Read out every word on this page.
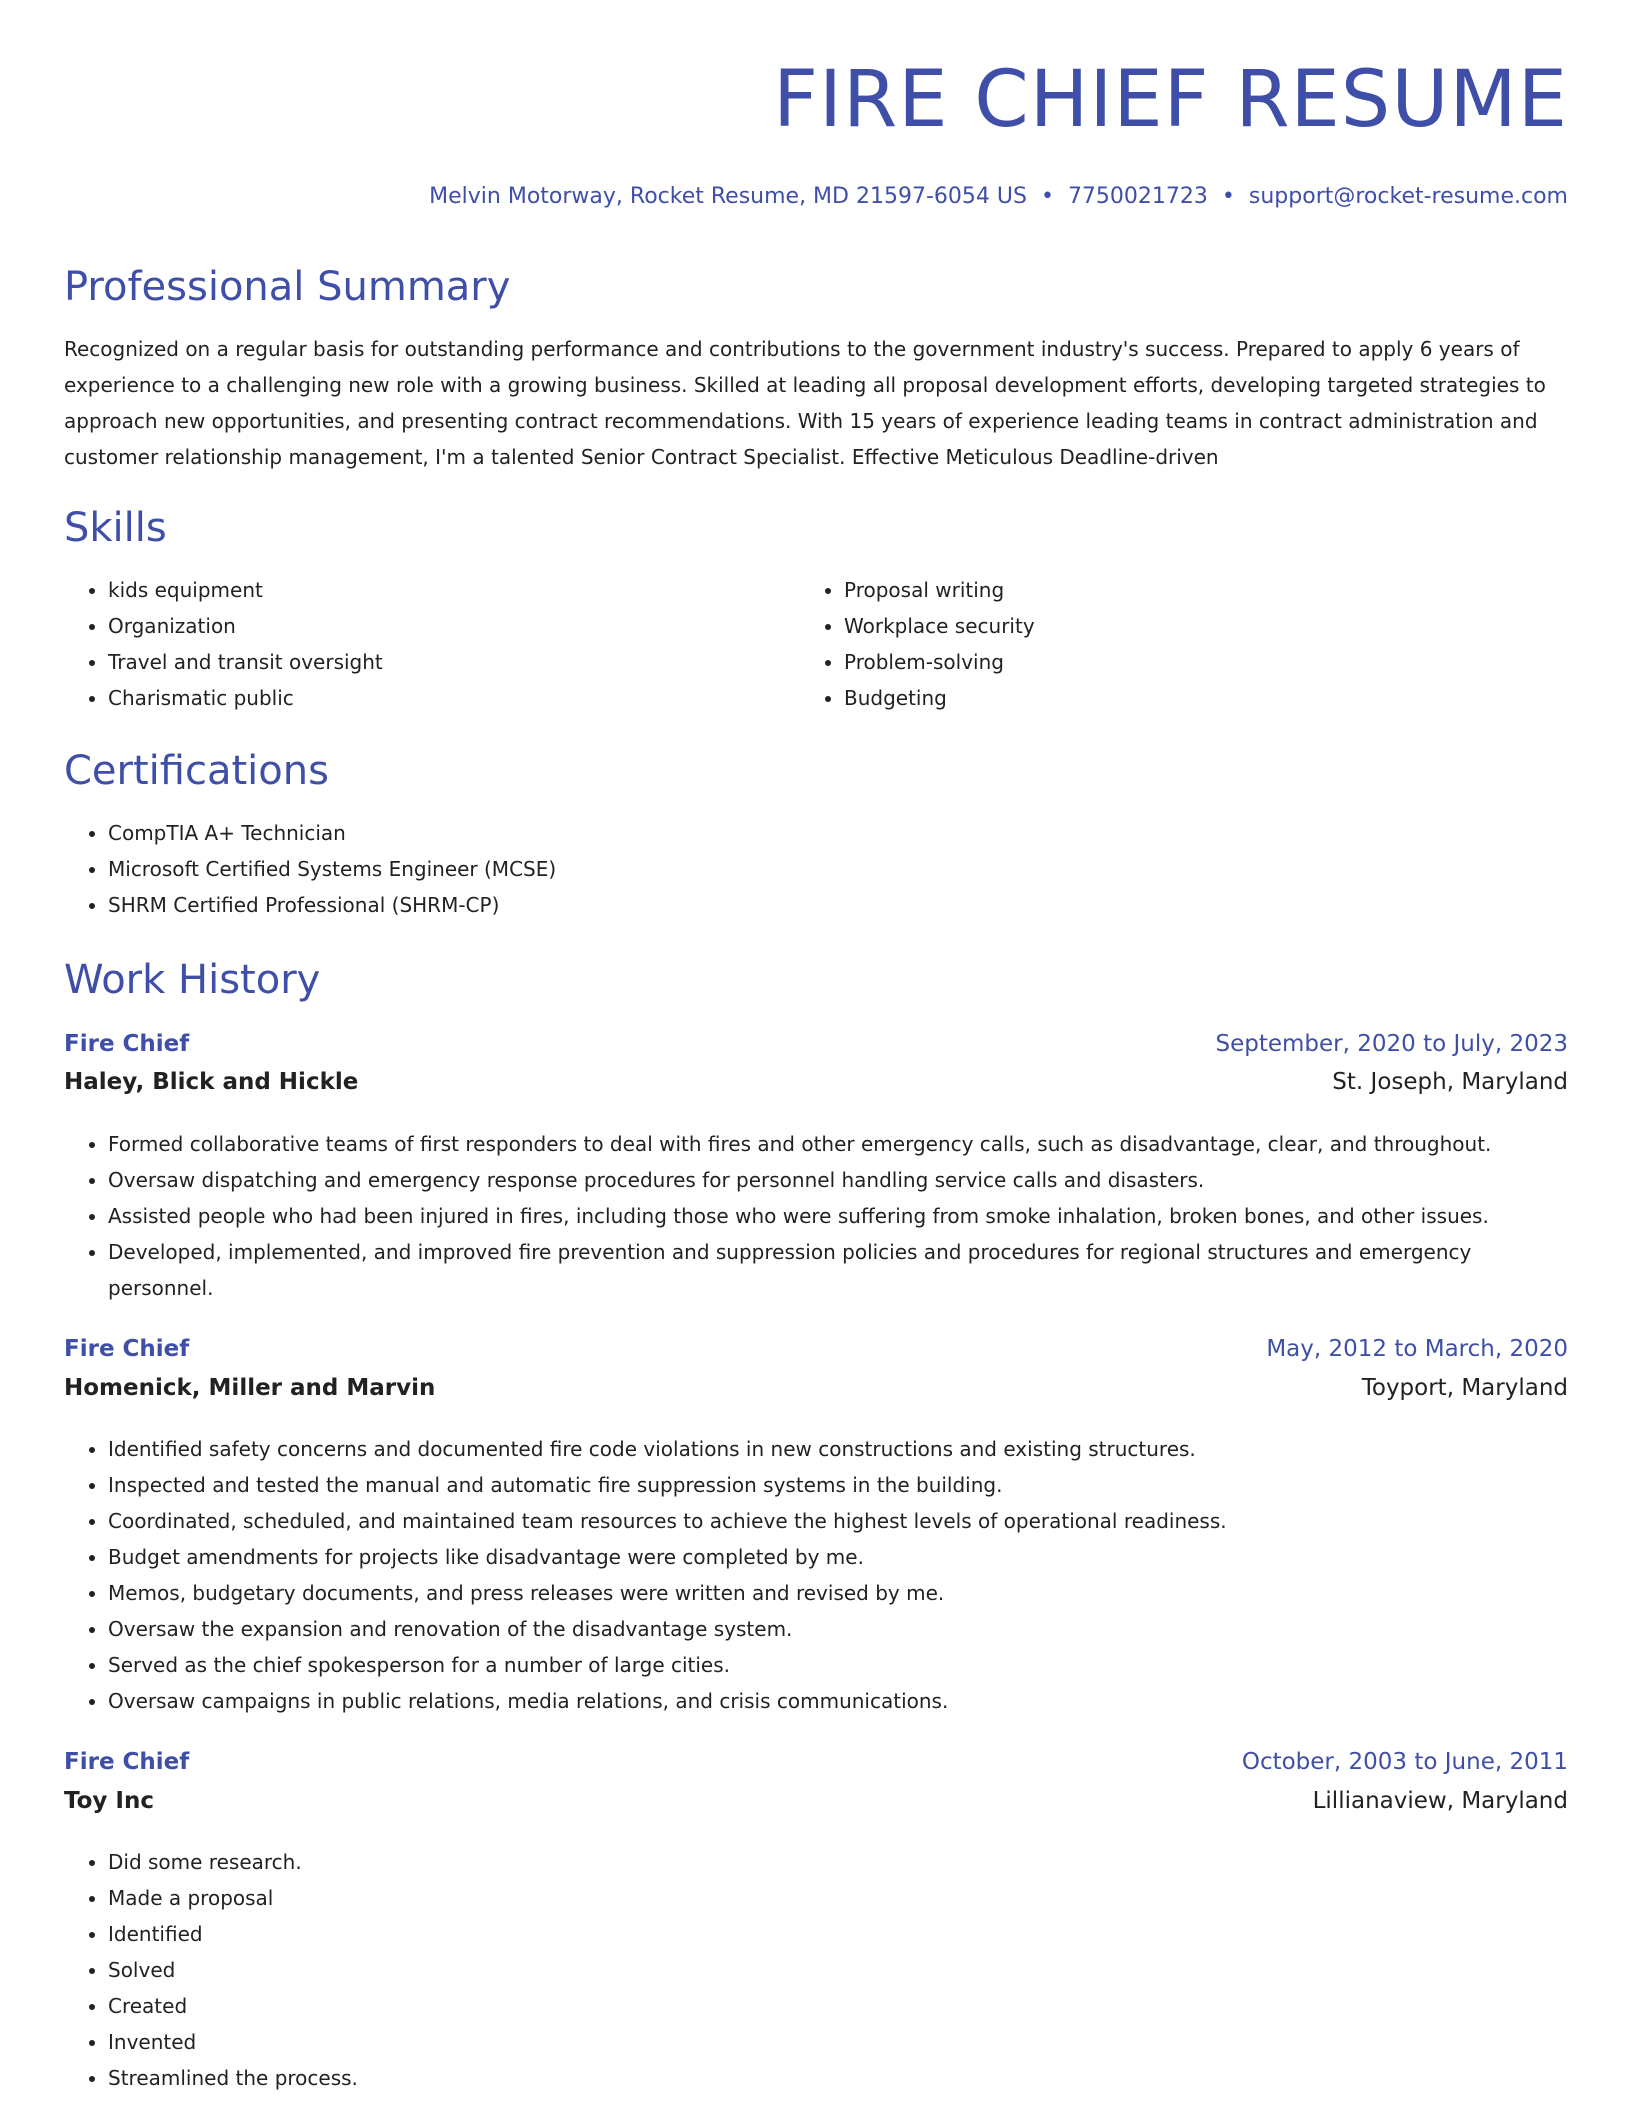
FIRE CHIEF RESUME
Melvin Motorway, Rocket Resume, MD 21597-6054 US • 7750021723 • support@rocket-resume.com
Professional Summary

Recognized on a regular basis for outstanding performance and contributions to the government industry's success. Prepared to apply 6 years of experience to a challenging new role with a growing business. Skilled at leading all proposal development efforts, developing targeted strategies to approach new opportunities, and presenting contract recommendations. With 15 years of experience leading teams in contract administration and customer relationship management, I'm a talented Senior Contract Specialist. Effective Meticulous Deadline-driven

Skills
• kids equipment
• Organization
• Travel and transit oversight
• Charismatic public
• Proposal writing
• Workplace security
• Problem-solving
• Budgeting
Certifications
• CompTIA A+ Technician
• Microsoft Certified Systems Engineer (MCSE)
• SHRM Certified Professional (SHRM-CP)
Work History
Fire Chief	September, 2020 to July, 2023
Haley, Blick and Hickle	St. Joseph, Maryland
• Formed collaborative teams of first responders to deal with fires and other emergency calls, such as disadvantage, clear, and throughout.
• Oversaw dispatching and emergency response procedures for personnel handling service calls and disasters.
• Assisted people who had been injured in fires, including those who were suffering from smoke inhalation, broken bones, and other issues.
• Developed, implemented, and improved fire prevention and suppression policies and procedures for regional structures and emergency personnel.
Fire Chief	May, 2012 to March, 2020
Homenick, Miller and Marvin	Toyport, Maryland
• Identified safety concerns and documented fire code violations in new constructions and existing structures.
• Inspected and tested the manual and automatic fire suppression systems in the building.
• Coordinated, scheduled, and maintained team resources to achieve the highest levels of operational readiness.
• Budget amendments for projects like disadvantage were completed by me.
• Memos, budgetary documents, and press releases were written and revised by me.
• Oversaw the expansion and renovation of the disadvantage system.
• Served as the chief spokesperson for a number of large cities.
• Oversaw campaigns in public relations, media relations, and crisis communications.
Fire Chief	October, 2003 to June, 2011
Toy Inc	Lillianaview, Maryland
• Did some research.
• Made a proposal
• Identified
• Solved
• Created
• Invented
• Streamlined the process.
